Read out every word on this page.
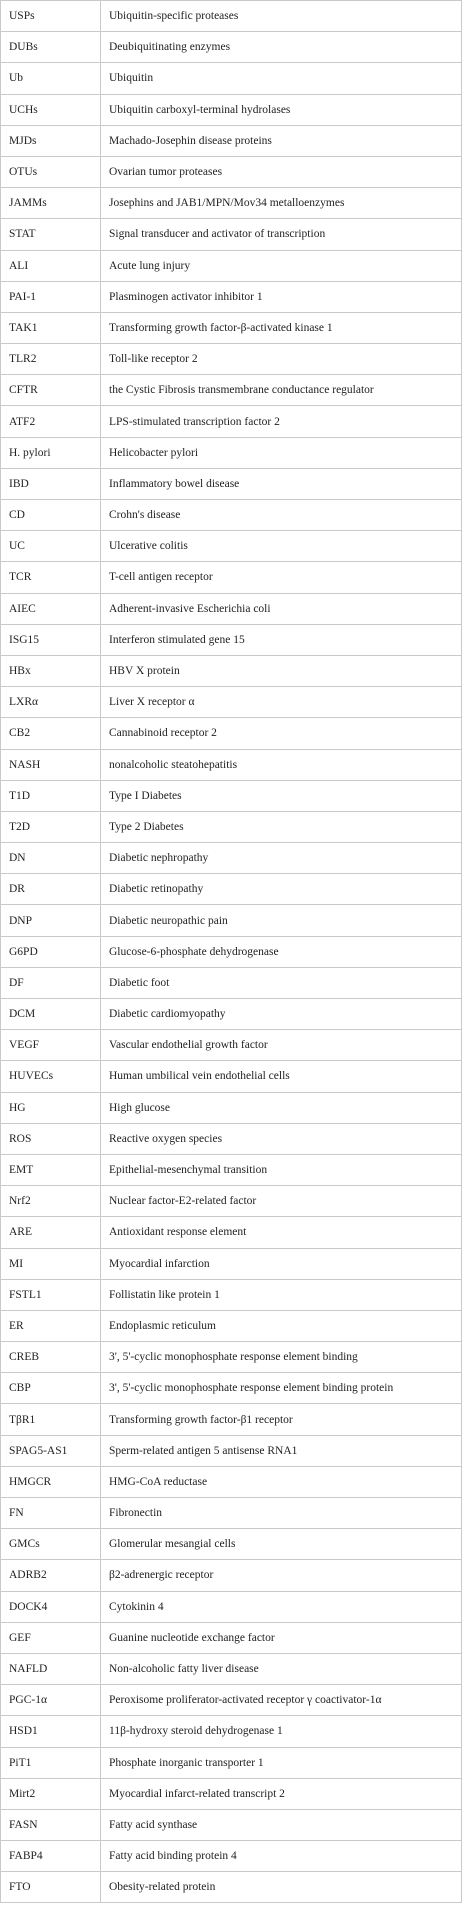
USPs	Ubiquitin-specific proteases
DUBs	Deubiquitinating enzymes
Ub	Ubiquitin
UCHs	Ubiquitin carboxyl-terminal hydrolases
MJDs	Machado-Josephin disease proteins
OTUs	Ovarian tumor proteases
JAMMs	Josephins and JAB1/MPN/Mov34 metalloenzymes
STAT	Signal transducer and activator of transcription
ALI	Acute lung injury
PAI-1	Plasminogen activator inhibitor 1
TAK1	Transforming growth factor-β-activated kinase 1
TLR2	Toll-like receptor 2
CFTR	the Cystic Fibrosis transmembrane conductance regulator
ATF2	LPS-stimulated transcription factor 2
H. pylori	Helicobacter pylori
IBD	Inflammatory bowel disease
CD	Crohn's disease
UC	Ulcerative colitis
TCR	T-cell antigen receptor
AIEC	Adherent-invasive Escherichia coli
ISG15	Interferon stimulated gene 15
HBx	HBV X protein
LXRα	Liver X receptor α
CB2	Cannabinoid receptor 2
NASH	nonalcoholic steatohepatitis
T1D	Type I Diabetes
T2D	Type 2 Diabetes
DN	Diabetic nephropathy
DR	Diabetic retinopathy
DNP	Diabetic neuropathic pain
G6PD	Glucose-6-phosphate dehydrogenase
DF	Diabetic foot
DCM	Diabetic cardiomyopathy
VEGF	Vascular endothelial growth factor
HUVECs	Human umbilical vein endothelial cells
HG	High glucose
ROS	Reactive oxygen species
EMT	Epithelial-mesenchymal transition
Nrf2	Nuclear factor-E2-related factor
ARE	Antioxidant response element
MI	Myocardial infarction
FSTL1	Follistatin like protein 1
ER	Endoplasmic reticulum
CREB	3', 5'-cyclic monophosphate response element binding
CBP	3', 5'-cyclic monophosphate response element binding protein
TβR1	Transforming growth factor-β1 receptor
SPAG5-AS1	Sperm-related antigen 5 antisense RNA1
HMGCR	HMG-CoA reductase
FN	Fibronectin
GMCs	Glomerular mesangial cells
ADRB2	β2-adrenergic receptor
DOCK4	Cytokinin 4
GEF	Guanine nucleotide exchange factor
NAFLD	Non-alcoholic fatty liver disease
PGC-1α	Peroxisome proliferator-activated receptor γ coactivator-1α
HSD1	11β-hydroxy steroid dehydrogenase 1
PiT1	Phosphate inorganic transporter 1
Mirt2	Myocardial infarct-related transcript 2
FASN	Fatty acid synthase
FABP4	Fatty acid binding protein 4
FTO	Obesity-related protein
